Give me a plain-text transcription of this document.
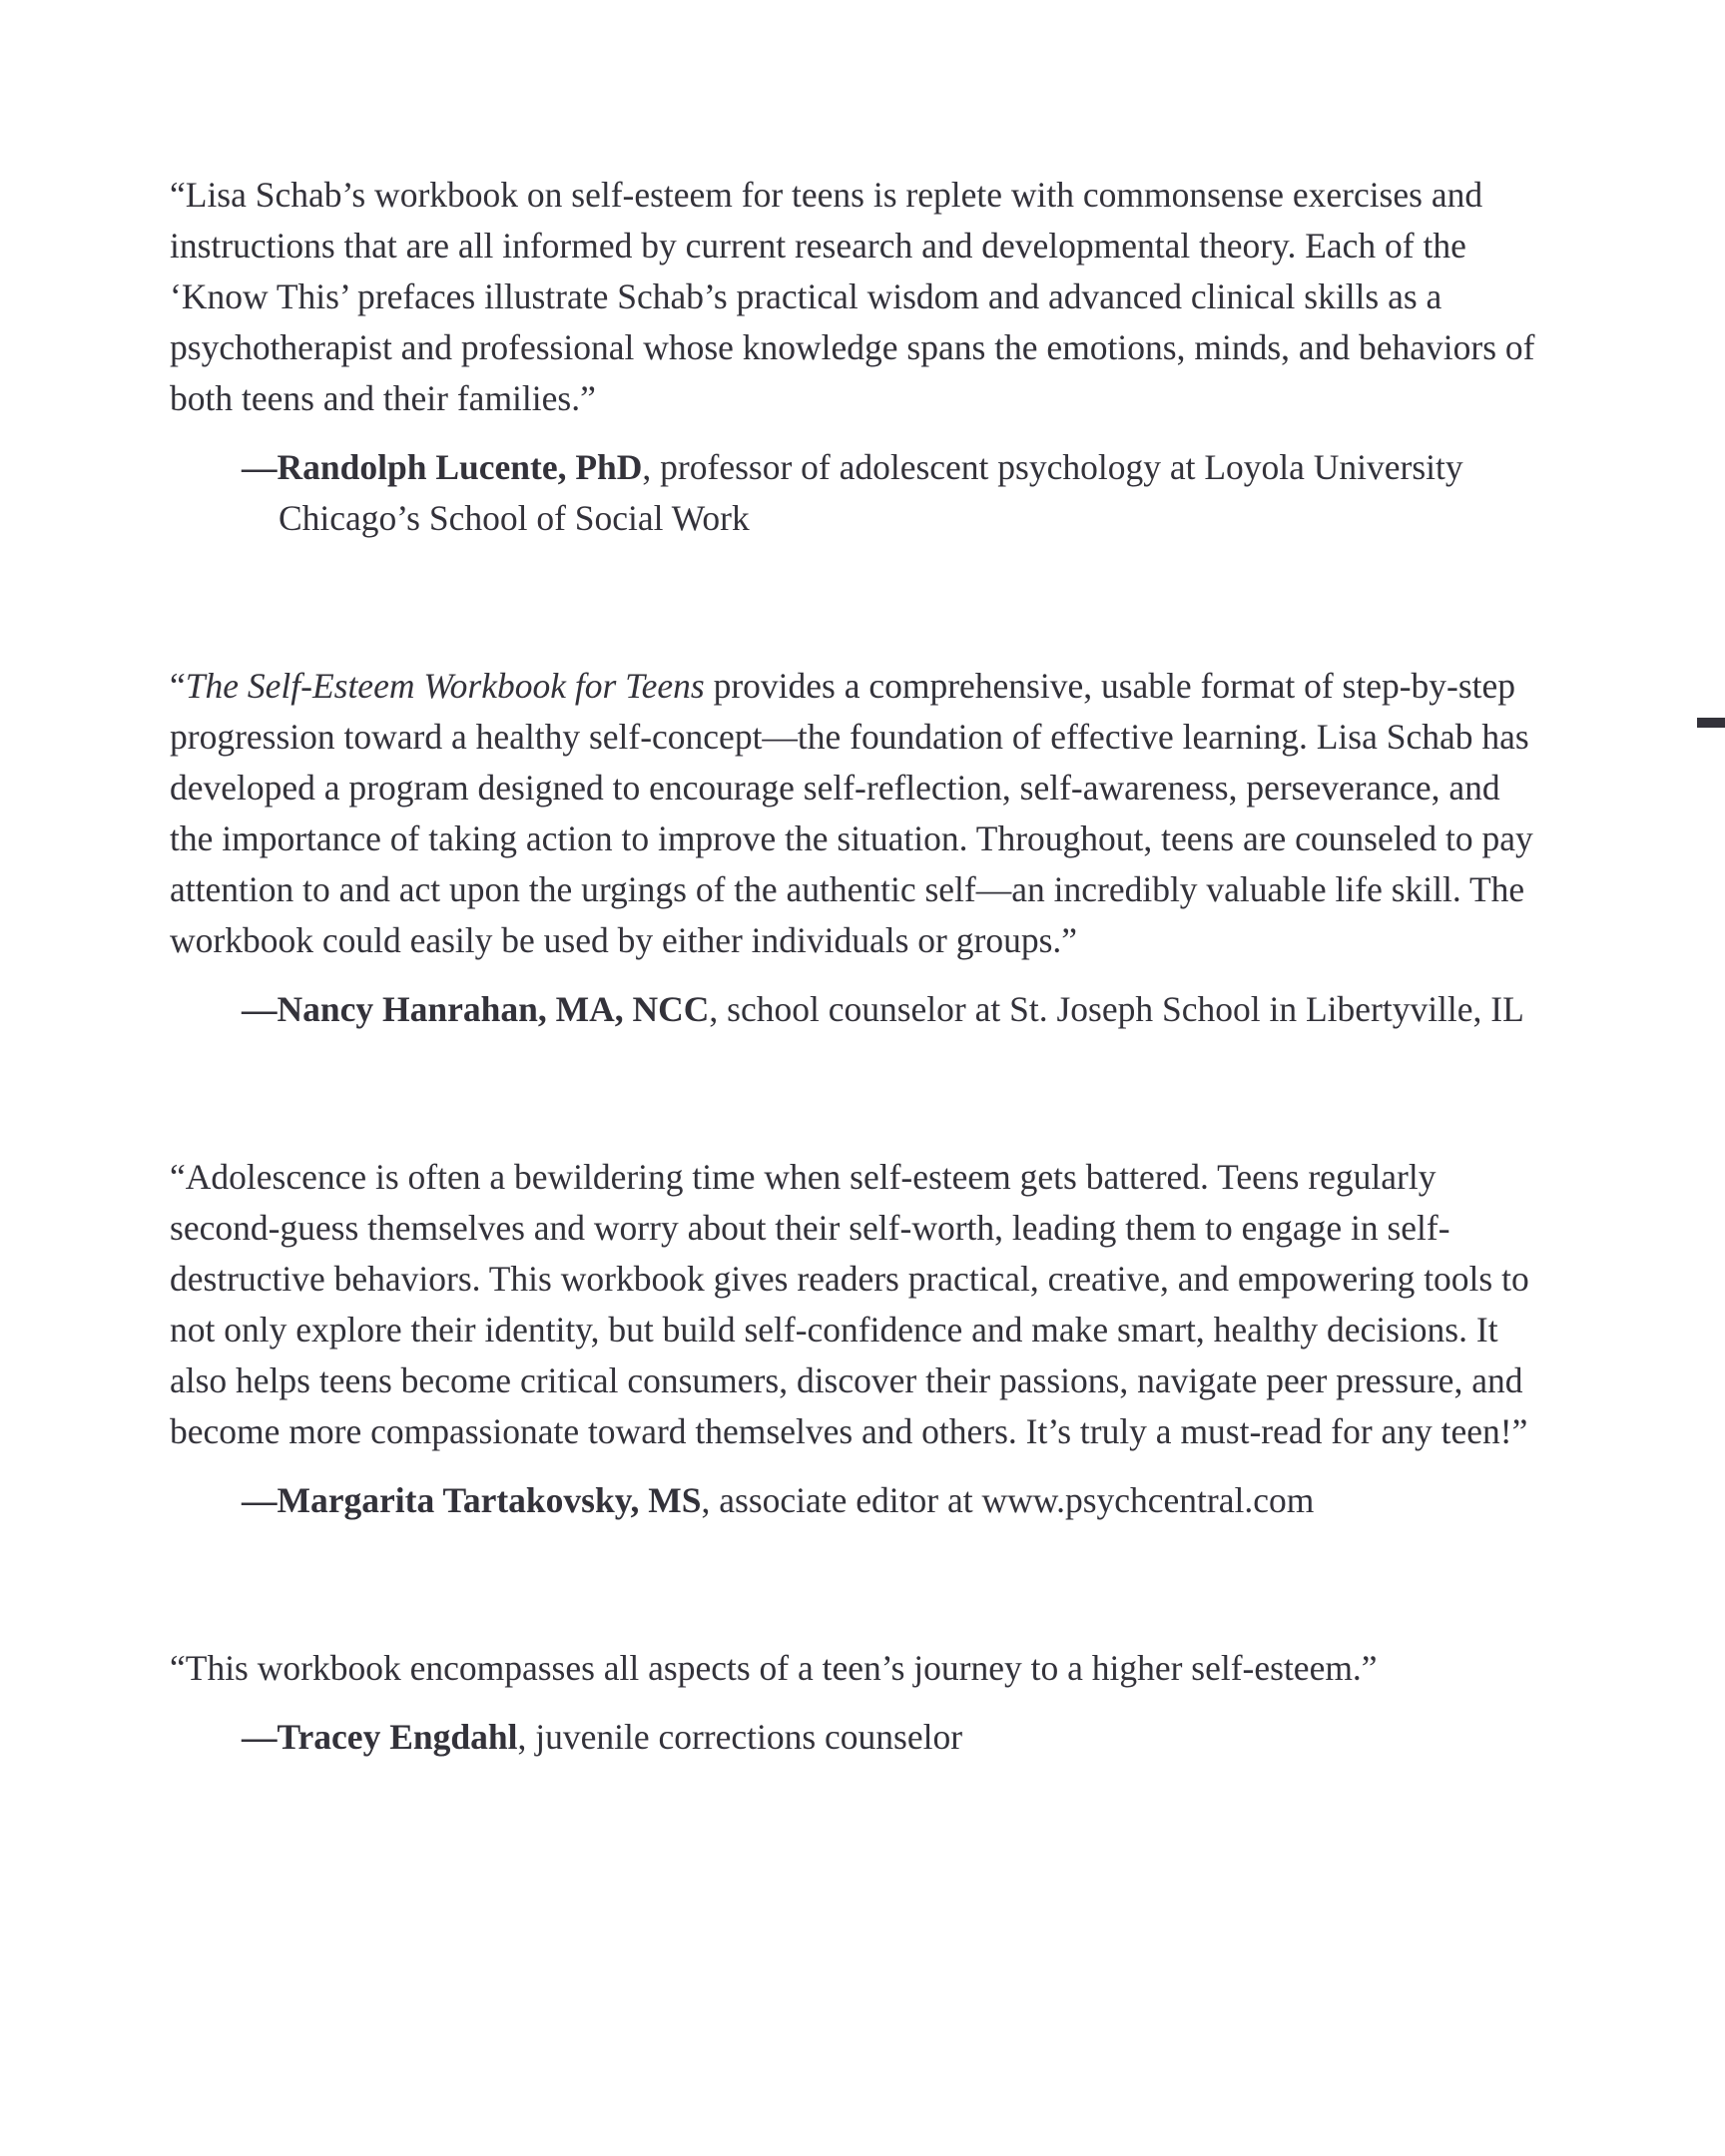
“Lisa Schab’s workbook on self-esteem for teens is replete with commonsense exercises and instructions that are all informed by current research and developmental theory. Each of the ‘Know This’ prefaces illustrate Schab’s practical wisdom and advanced clinical skills as a psychotherapist and professional whose knowledge spans the emotions, minds, and behaviors of both teens and their families.”

—Randolph Lucente, PhD, professor of adolescent psychology at Loyola University Chicago’s School of Social Work

“The Self-Esteem Workbook for Teens provides a comprehensive, usable format of step-by-step progression toward a healthy self-concept—the foundation of effective learning. Lisa Schab has developed a program designed to encourage self-reflection, self-awareness, perseverance, and the importance of taking action to improve the situation. Throughout, teens are counseled to pay attention to and act upon the urgings of the authentic self—an incredibly valuable life skill. The workbook could easily be used by either individuals or groups.”

—Nancy Hanrahan, MA, NCC, school counselor at St. Joseph School in Libertyville, IL

“Adolescence is often a bewildering time when self-esteem gets battered. Teens regularly second-guess themselves and worry about their self-worth, leading them to engage in self-destructive behaviors. This workbook gives readers practical, creative, and empowering tools to not only explore their identity, but build self-confidence and make smart, healthy decisions. It also helps teens become critical consumers, discover their passions, navigate peer pressure, and become more compassionate toward themselves and others. It’s truly a must-read for any teen!”

—Margarita Tartakovsky, MS, associate editor at www.psychcentral.com

“This workbook encompasses all aspects of a teen’s journey to a higher self-esteem.”

—Tracey Engdahl, juvenile corrections counselor
